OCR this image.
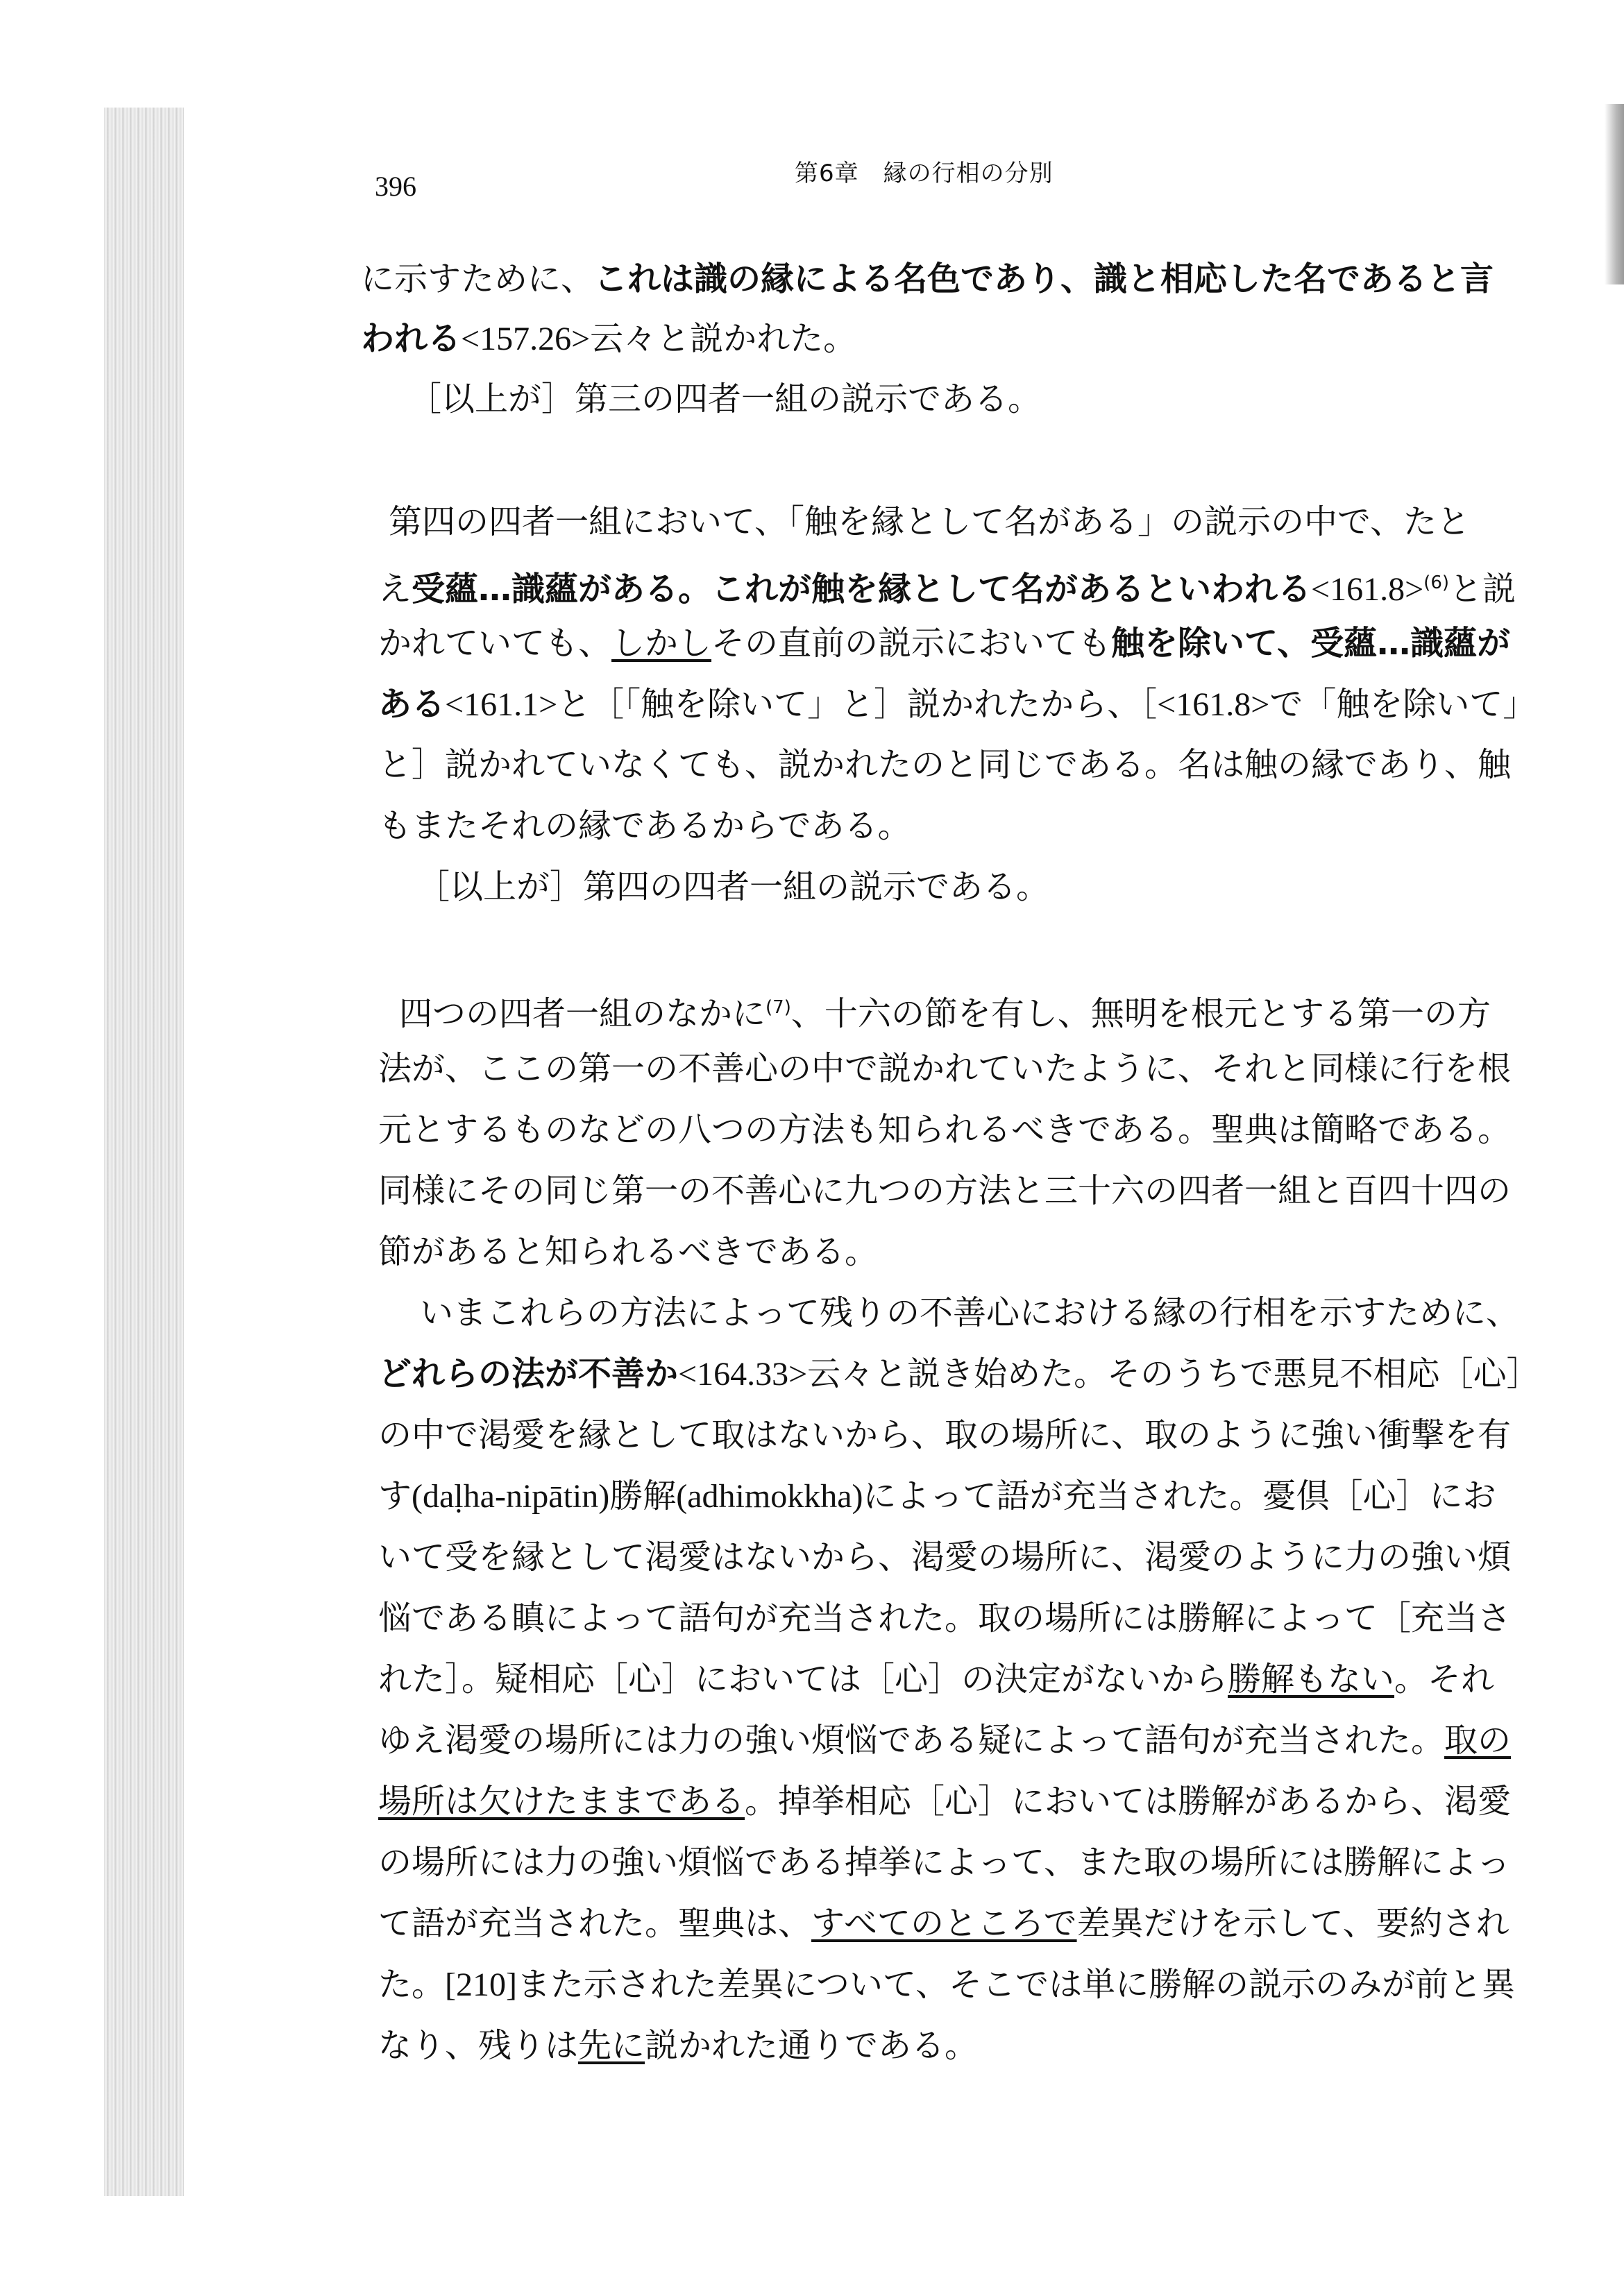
396	第6章　縁の行相の分別
に示すために、これは識の縁による名色であり、識と相応した名であると言
われる<157.26>云々と説かれた。
［以上が］第三の四者一組の説示である。
第四の四者一組において、「触を縁として名がある」の説示の中で、たと
え受蘊…識蘊がある。これが触を縁として名があるといわれる<161.8>$^{(6)}$と説
かれていても、しかしその直前の説示においても触を除いて、受蘊…識蘊が
ある<161.1>と［「触を除いて」と］説かれたから、［<161.8>で「触を除いて」
と］説かれていなくても、説かれたのと同じである。名は触の縁であり、触
もまたそれの縁であるからである。
［以上が］第四の四者一組の説示である。
四つの四者一組のなかに$^{(7)}$、十六の節を有し、無明を根元とする第一の方
法が、ここの第一の不善心の中で説かれていたように、それと同様に行を根
元とするものなどの八つの方法も知られるべきである。聖典は簡略である。
同様にその同じ第一の不善心に九つの方法と三十六の四者一組と百四十四の
節があると知られるべきである。
いまこれらの方法によって残りの不善心における縁の行相を示すために、
どれらの法が不善か<164.33>云々と説き始めた。そのうちで悪見不相応［心］
の中で渇愛を縁として取はないから、取の場所に、取のように強い衝撃を有
す(daḷha-nipātin)勝解(adhimokkha)によって語が充当された。憂倶［心］にお
いて受を縁として渇愛はないから、渇愛の場所に、渇愛のように力の強い煩
悩である瞋によって語句が充当された。取の場所には勝解によって［充当さ
れた］。疑相応［心］においては［心］の決定がないから勝解もない。それ
ゆえ渇愛の場所には力の強い煩悩である疑によって語句が充当された。取の
場所は欠けたままである。掉挙相応［心］においては勝解があるから、渇愛
の場所には力の強い煩悩である掉挙によって、また取の場所には勝解によっ
て語が充当された。聖典は、すべてのところで差異だけを示して、要約され
た。[210]また示された差異について、そこでは単に勝解の説示のみが前と異
なり、残りは先に説かれた通りである。
